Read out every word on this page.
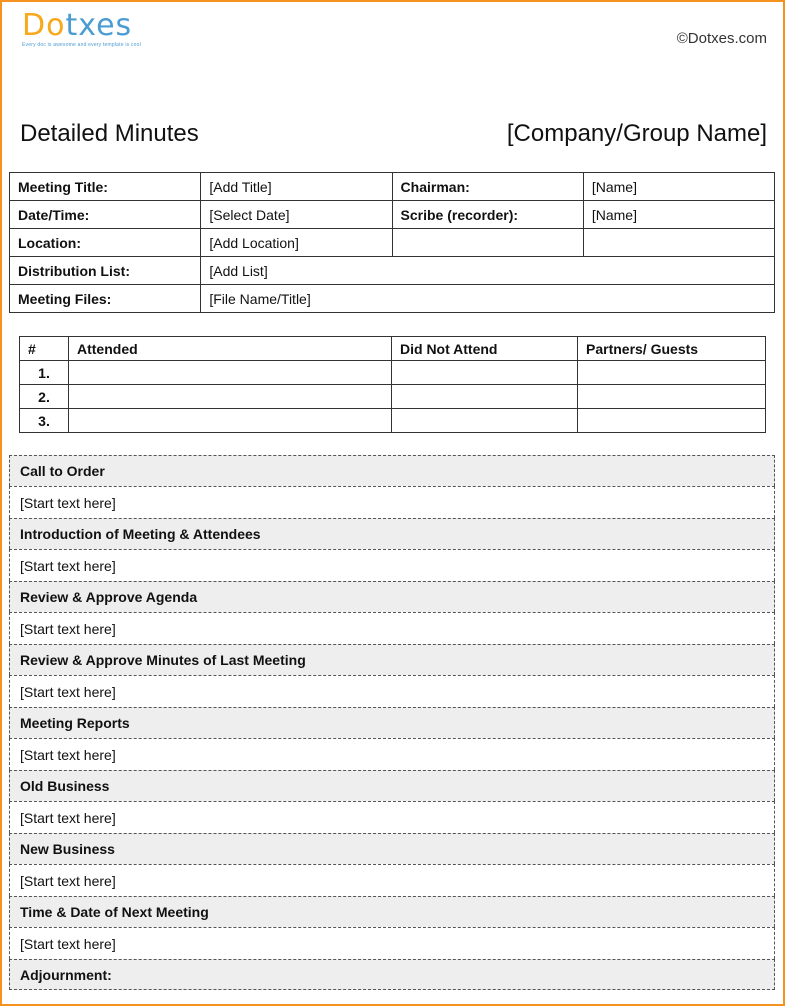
Dotxes
Every doc is awesome and every template is cool	©Dotxes.com
Detailed Minutes	[Company/Group Name]
Meeting Title:	[Add Title]	Chairman:	[Name]
Date/Time:	[Select Date]	Scribe (recorder):	[Name]
Location:	[Add Location]		
Distribution List:	[Add List]		
Meeting Files:	[File Name/Title]		
#	Attended	Did Not Attend	Partners/ Guests
1.			
2.			
3.			
Call to Order
[Start text here]
Introduction of Meeting & Attendees
[Start text here]
Review & Approve Agenda
[Start text here]
Review & Approve Minutes of Last Meeting
[Start text here]
Meeting Reports
[Start text here]
Old Business
[Start text here]
New Business
[Start text here]
Time & Date of Next Meeting
[Start text here]
Adjournment:
